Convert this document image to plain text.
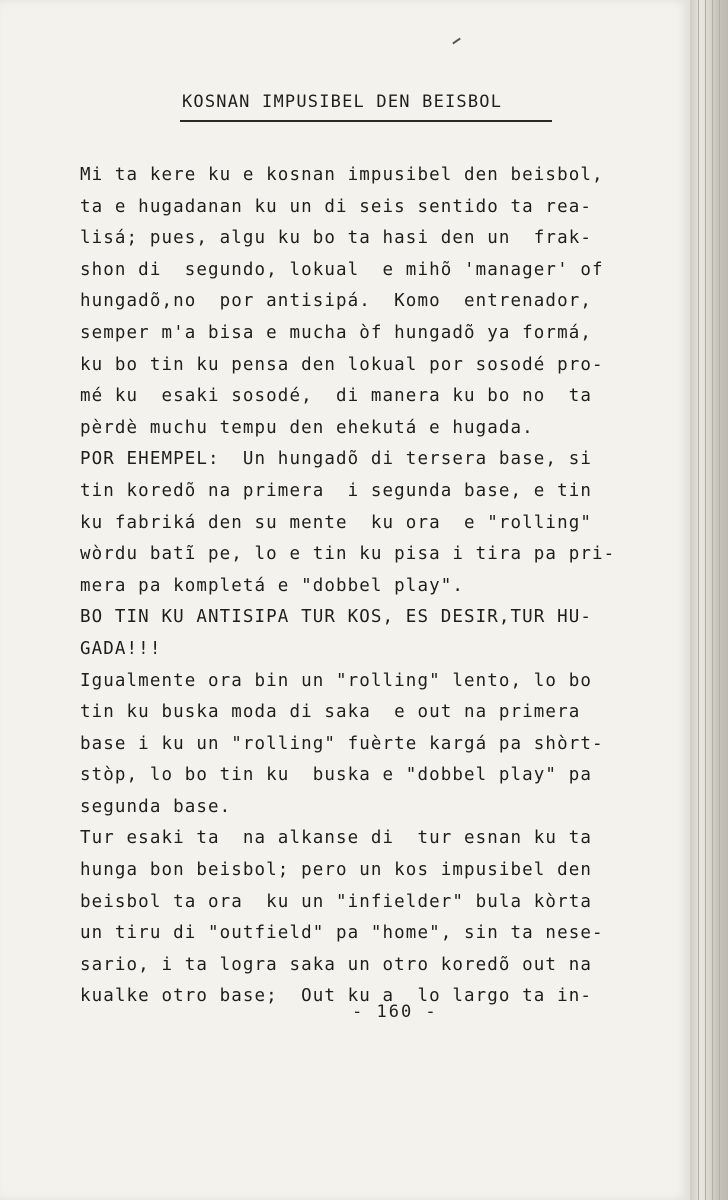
KOSNAN IMPUSIBEL DEN BEISBOL
Mi ta kere ku e kosnan impusibel den beisbol,
ta e hugadanan ku un di seis sentido ta rea-
lisá; pues, algu ku bo ta hasi den un  frak-
shon di  segundo, lokual  e mihõ 'manager' of
hungadõ,no  por antisipá.  Komo  entrenador,
semper m'a bisa e mucha òf hungadõ ya formá,
ku bo tin ku pensa den lokual por sosodé pro-
mé ku  esaki sosodé,  di manera ku bo no  ta
pèrdè muchu tempu den ehekutá e hugada.
POR EHEMPEL:  Un hungadõ di tersera base, si
tin koredõ na primera  i segunda base, e tin
ku fabriká den su mente  ku ora  e "rolling"
wòrdu batĩ pe, lo e tin ku pisa i tira pa pri-
mera pa kompletá e "dobbel play".
BO TIN KU ANTISIPA TUR KOS, ES DESIR,TUR HU-
GADA!!!
Igualmente ora bin un "rolling" lento, lo bo
tin ku buska moda di saka  e out na primera
base i ku un "rolling" fuèrte kargá pa shòrt-
stòp, lo bo tin ku  buska e "dobbel play" pa
segunda base.
Tur esaki ta  na alkanse di  tur esnan ku ta
hunga bon beisbol; pero un kos impusibel den
beisbol ta ora  ku un "infielder" bula kòrta
un tiru di "outfield" pa "home", sin ta nese-
sario, i ta logra saka un otro koredõ out na
kualke otro base;  Out ku a  lo largo ta in-
- 160 -
